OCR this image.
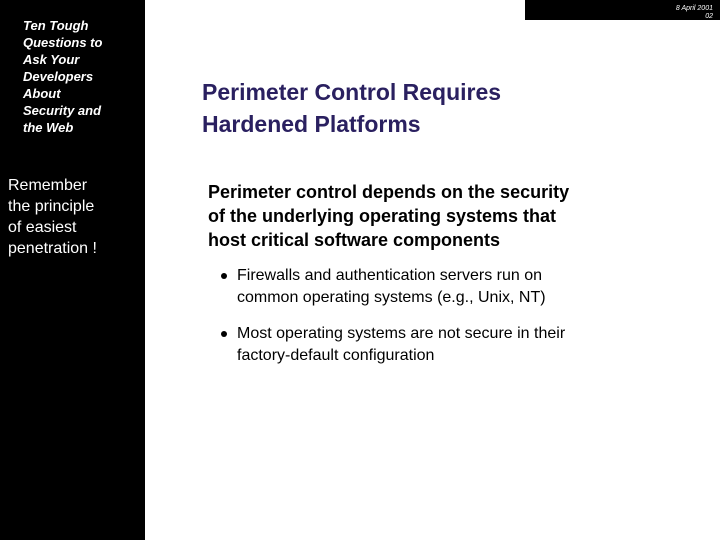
Ten Tough
Questions to
Ask Your
Developers
About
Security and
the Web
Remember
the principle
of easiest
penetration !
8 April 2001
02
Perimeter Control Requires
Hardened Platforms
Perimeter control depends on the security
of the underlying operating systems that
host critical software components
Firewalls and authentication servers run on
common operating systems (e.g., Unix, NT)
Most operating systems are not secure in their
factory-default configuration
